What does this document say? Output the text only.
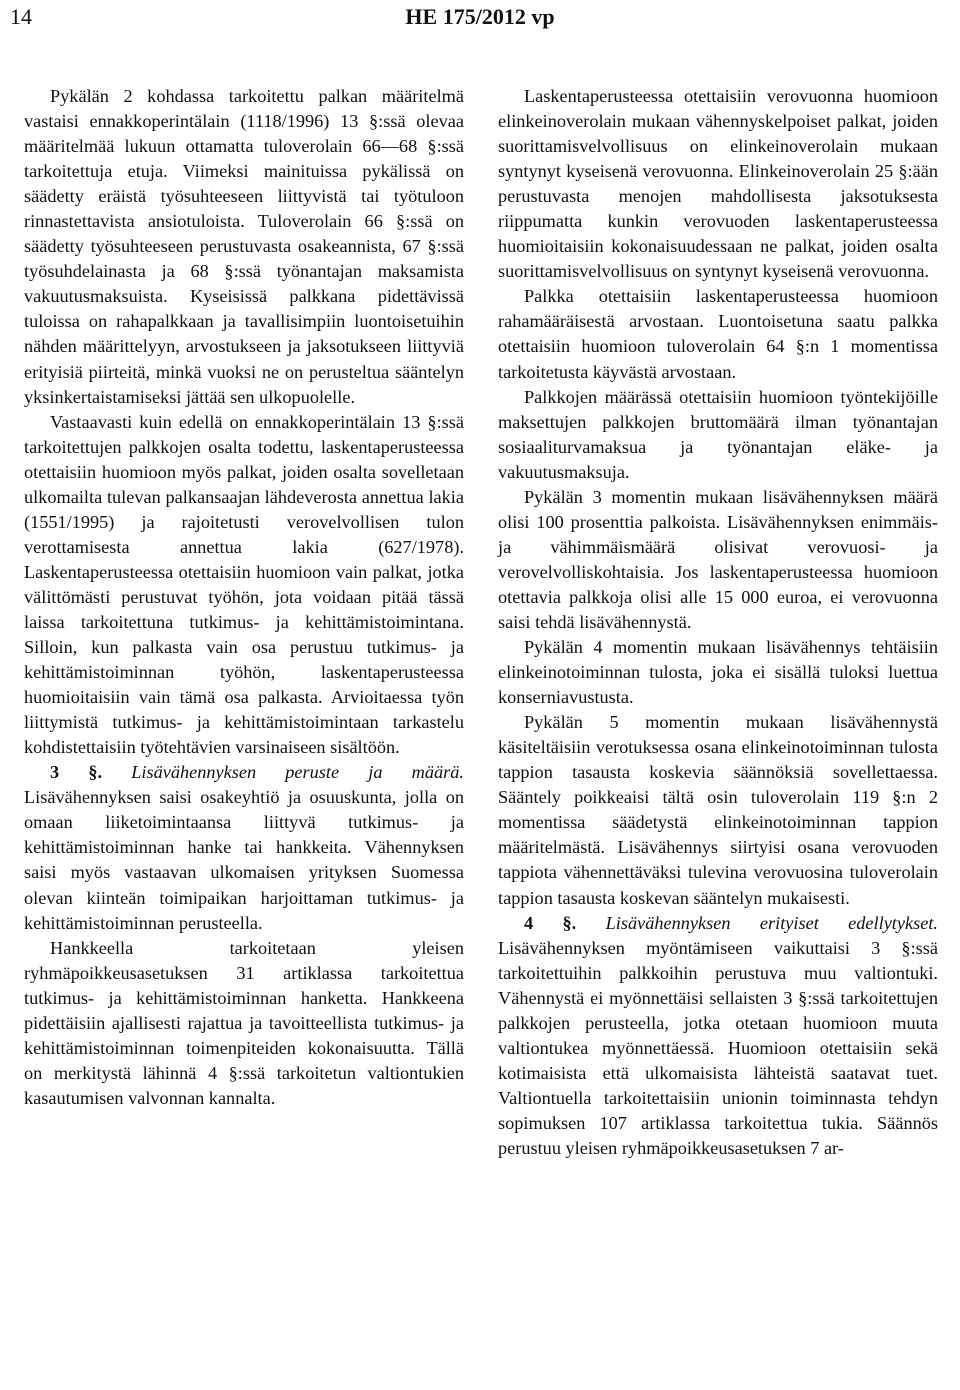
14	HE 175/2012 vp

Pykälän 2 kohdassa tarkoitettu palkan määritelmä vastaisi ennakkoperintälain (1118/1996) 13 §:ssä olevaa määritelmää lukuun ottamatta tuloverolain 66—68 §:ssä tarkoitettuja etuja. Viimeksi mainituissa pykälissä on säädetty eräistä työsuhteeseen liittyvistä tai työtuloon rinnastettavista ansiotuloista. Tuloverolain 66 §:ssä on säädetty työsuhteeseen perustuvasta osakeannista, 67 §:ssä työsuhdelainasta ja 68 §:ssä työnantajan maksamista vakuutusmaksuista. Kyseisissä palkkana pidettävissä tuloissa on rahapalkkaan ja tavallisimpiin luontoisetuihin nähden määrittelyyn, arvostukseen ja jaksotukseen liittyviä erityisiä piirteitä, minkä vuoksi ne on perusteltua sääntelyn yksinkertaistamiseksi jättää sen ulkopuolelle.

Vastaavasti kuin edellä on ennakkoperintälain 13 §:ssä tarkoitettujen palkkojen osalta todettu, laskentaperusteessa otettaisiin huomioon myös palkat, joiden osalta sovelletaan ulkomailta tulevan palkansaajan lähdeverosta annettua lakia (1551/1995) ja rajoitetusti verovelvollisen tulon verottamisesta annettua lakia (627/1978). Laskentaperusteessa otettaisiin huomioon vain palkat, jotka välittömästi perustuvat työhön, jota voidaan pitää tässä laissa tarkoitettuna tutkimus- ja kehittämistoimintana. Silloin, kun palkasta vain osa perustuu tutkimus- ja kehittämistoiminnan työhön, laskentaperusteessa huomioitaisiin vain tämä osa palkasta. Arvioitaessa työn liittymistä tutkimus- ja kehittämistoimintaan tarkastelu kohdistettaisiin työtehtävien varsinaiseen sisältöön.

3 §. Lisävähennyksen peruste ja määrä. Lisävähennyksen saisi osakeyhtiö ja osuuskunta, jolla on omaan liiketoimintaansa liittyvä tutkimus- ja kehittämistoiminnan hanke tai hankkeita. Vähennyksen saisi myös vastaavan ulkomaisen yrityksen Suomessa olevan kiinteän toimipaikan harjoittaman tutkimus- ja kehittämistoiminnan perusteella.

Hankkeella tarkoitetaan yleisen ryhmäpoikkeusasetuksen 31 artiklassa tarkoitettua tutkimus- ja kehittämistoiminnan hanketta. Hankkeena pidettäisiin ajallisesti rajattua ja tavoitteellista tutkimus- ja kehittämistoiminnan toimenpiteiden kokonaisuutta. Tällä on merkitystä lähinnä 4 §:ssä tarkoitetun valtiontukien kasautumisen valvonnan kannalta.

Laskentaperusteessa otettaisiin verovuonna huomioon elinkeinoverolain mukaan vähennyskelpoiset palkat, joiden suorittamisvelvollisuus on elinkeinoverolain mukaan syntynyt kyseisenä verovuonna. Elinkeinoverolain 25 §:ään perustuvasta menojen mahdollisesta jaksotuksesta riippumatta kunkin verovuoden laskentaperusteessa huomioitaisiin kokonaisuudessaan ne palkat, joiden osalta suorittamisvelvollisuus on syntynyt kyseisenä verovuonna.

Palkka otettaisiin laskentaperusteessa huomioon rahamääräisestä arvostaan. Luontoisetuna saatu palkka otettaisiin huomioon tuloverolain 64 §:n 1 momentissa tarkoitetusta käyvästä arvostaan.

Palkkojen määrässä otettaisiin huomioon työntekijöille maksettujen palkkojen bruttomäärä ilman työnantajan sosiaaliturvamaksua ja työnantajan eläke- ja vakuutusmaksuja.

Pykälän 3 momentin mukaan lisävähennyksen määrä olisi 100 prosenttia palkoista. Lisävähennyksen enimmäis- ja vähimmäismäärä olisivat verovuosi- ja verovelvolliskohtaisia. Jos laskentaperusteessa huomioon otettavia palkkoja olisi alle 15 000 euroa, ei verovuonna saisi tehdä lisävähennystä.

Pykälän 4 momentin mukaan lisävähennys tehtäisiin elinkeinotoiminnan tulosta, joka ei sisällä tuloksi luettua konserniavustusta.

Pykälän 5 momentin mukaan lisävähennystä käsiteltäisiin verotuksessa osana elinkeinotoiminnan tulosta tappion tasausta koskevia säännöksiä sovellettaessa. Sääntely poikkeaisi tältä osin tuloverolain 119 §:n 2 momentissa säädetystä elinkeinotoiminnan tappion määritelmästä. Lisävähennys siirtyisi osana verovuoden tappiota vähennettäväksi tulevina verovuosina tuloverolain tappion tasausta koskevan sääntelyn mukaisesti.

4 §. Lisävähennyksen erityiset edellytykset. Lisävähennyksen myöntämiseen vaikuttaisi 3 §:ssä tarkoitettuihin palkkoihin perustuva muu valtiontuki. Vähennystä ei myönnettäisi sellaisten 3 §:ssä tarkoitettujen palkkojen perusteella, jotka otetaan huomioon muuta valtiontukea myönnettäessä. Huomioon otettaisiin sekä kotimaisista että ulkomaisista lähteistä saatavat tuet. Valtiontuella tarkoitettaisiin unionin toiminnasta tehdyn sopimuksen 107 artiklassa tarkoitettua tukia. Säännös perustuu yleisen ryhmäpoikkeusasetuksen 7 ar-
